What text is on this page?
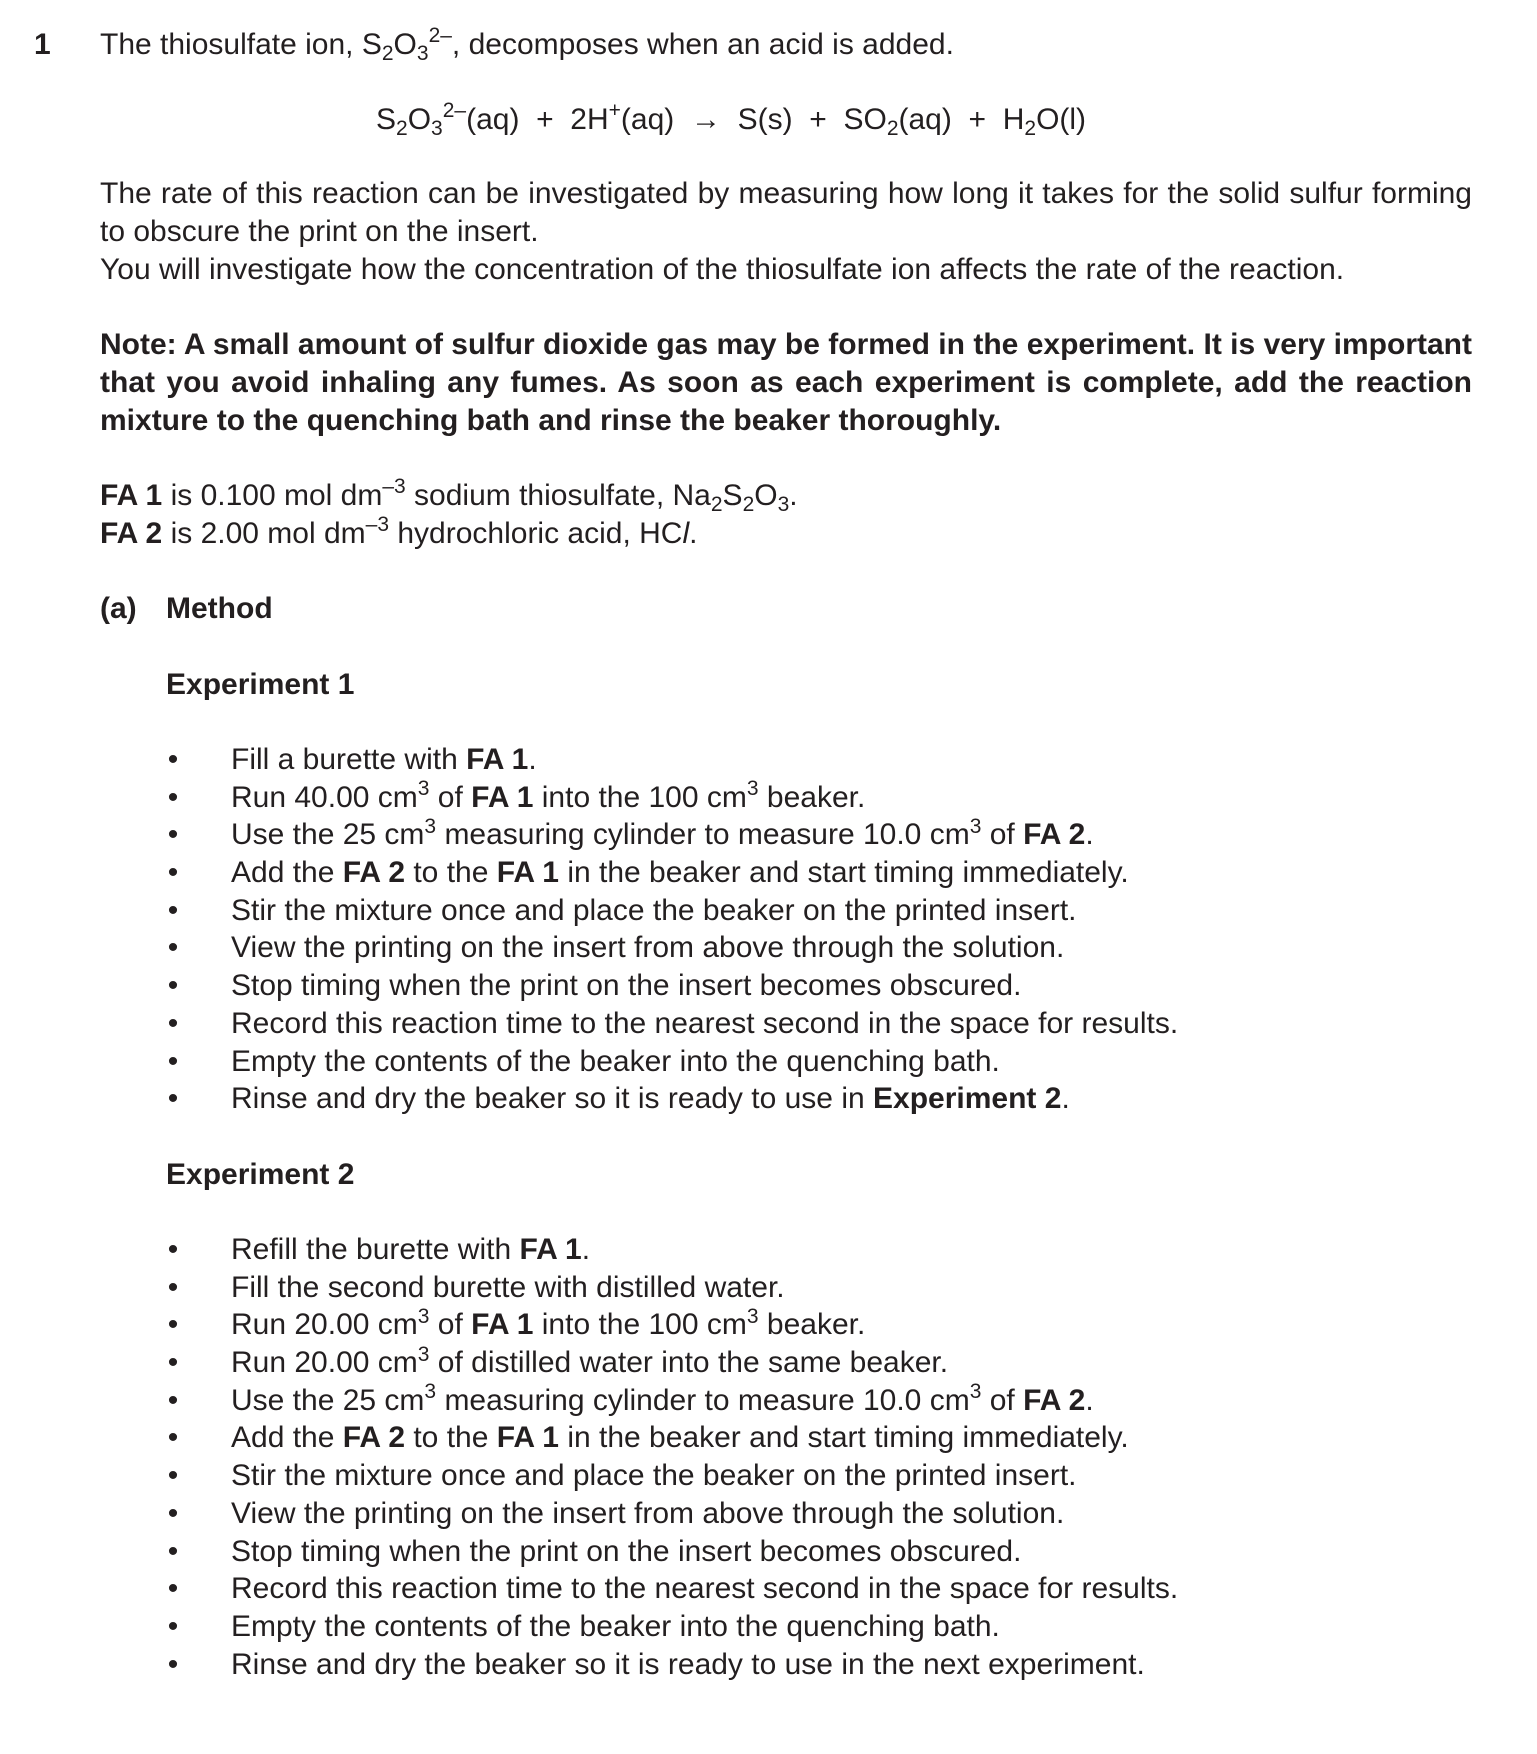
1 The thiosulfate ion, $S_2O_3^{2-}$, decomposes when an acid is added.
$S_2O_3^{2-}(aq) + 2H^+(aq) \to S(s) + SO_2(aq) + H_2O(l)$
The rate of this reaction can be investigated by measuring how long it takes for the solid sulfur forming to obscure the print on the insert.
You will investigate how the concentration of the thiosulfate ion affects the rate of the reaction.
Note: A small amount of sulfur dioxide gas may be formed in the experiment. It is very important that you avoid inhaling any fumes. As soon as each experiment is complete, add the reaction mixture to the quenching bath and rinse the beaker thoroughly.
FA 1 is 0.100 mol $dm^{-3}$ sodium thiosulfate, $Na_2S_2O_3$.
FA 2 is 2.00 mol $dm^{-3}$ hydrochloric acid, HCl.
(a) Method
Experiment 1
• Fill a burette with FA 1.
• Run 40.00 $cm^3$ of FA 1 into the 100 $cm^3$ beaker.
• Use the 25 $cm^3$ measuring cylinder to measure 10.0 $cm^3$ of FA 2.
• Add the FA 2 to the FA 1 in the beaker and start timing immediately.
• Stir the mixture once and place the beaker on the printed insert.
• View the printing on the insert from above through the solution.
• Stop timing when the print on the insert becomes obscured.
• Record this reaction time to the nearest second in the space for results.
• Empty the contents of the beaker into the quenching bath.
• Rinse and dry the beaker so it is ready to use in Experiment 2.
Experiment 2
• Refill the burette with FA 1.
• Fill the second burette with distilled water.
• Run 20.00 $cm^3$ of FA 1 into the 100 $cm^3$ beaker.
• Run 20.00 $cm^3$ of distilled water into the same beaker.
• Use the 25 $cm^3$ measuring cylinder to measure 10.0 $cm^3$ of FA 2.
• Add the FA 2 to the FA 1 in the beaker and start timing immediately.
• Stir the mixture once and place the beaker on the printed insert.
• View the printing on the insert from above through the solution.
• Stop timing when the print on the insert becomes obscured.
• Record this reaction time to the nearest second in the space for results.
• Empty the contents of the beaker into the quenching bath.
• Rinse and dry the beaker so it is ready to use in the next experiment.
